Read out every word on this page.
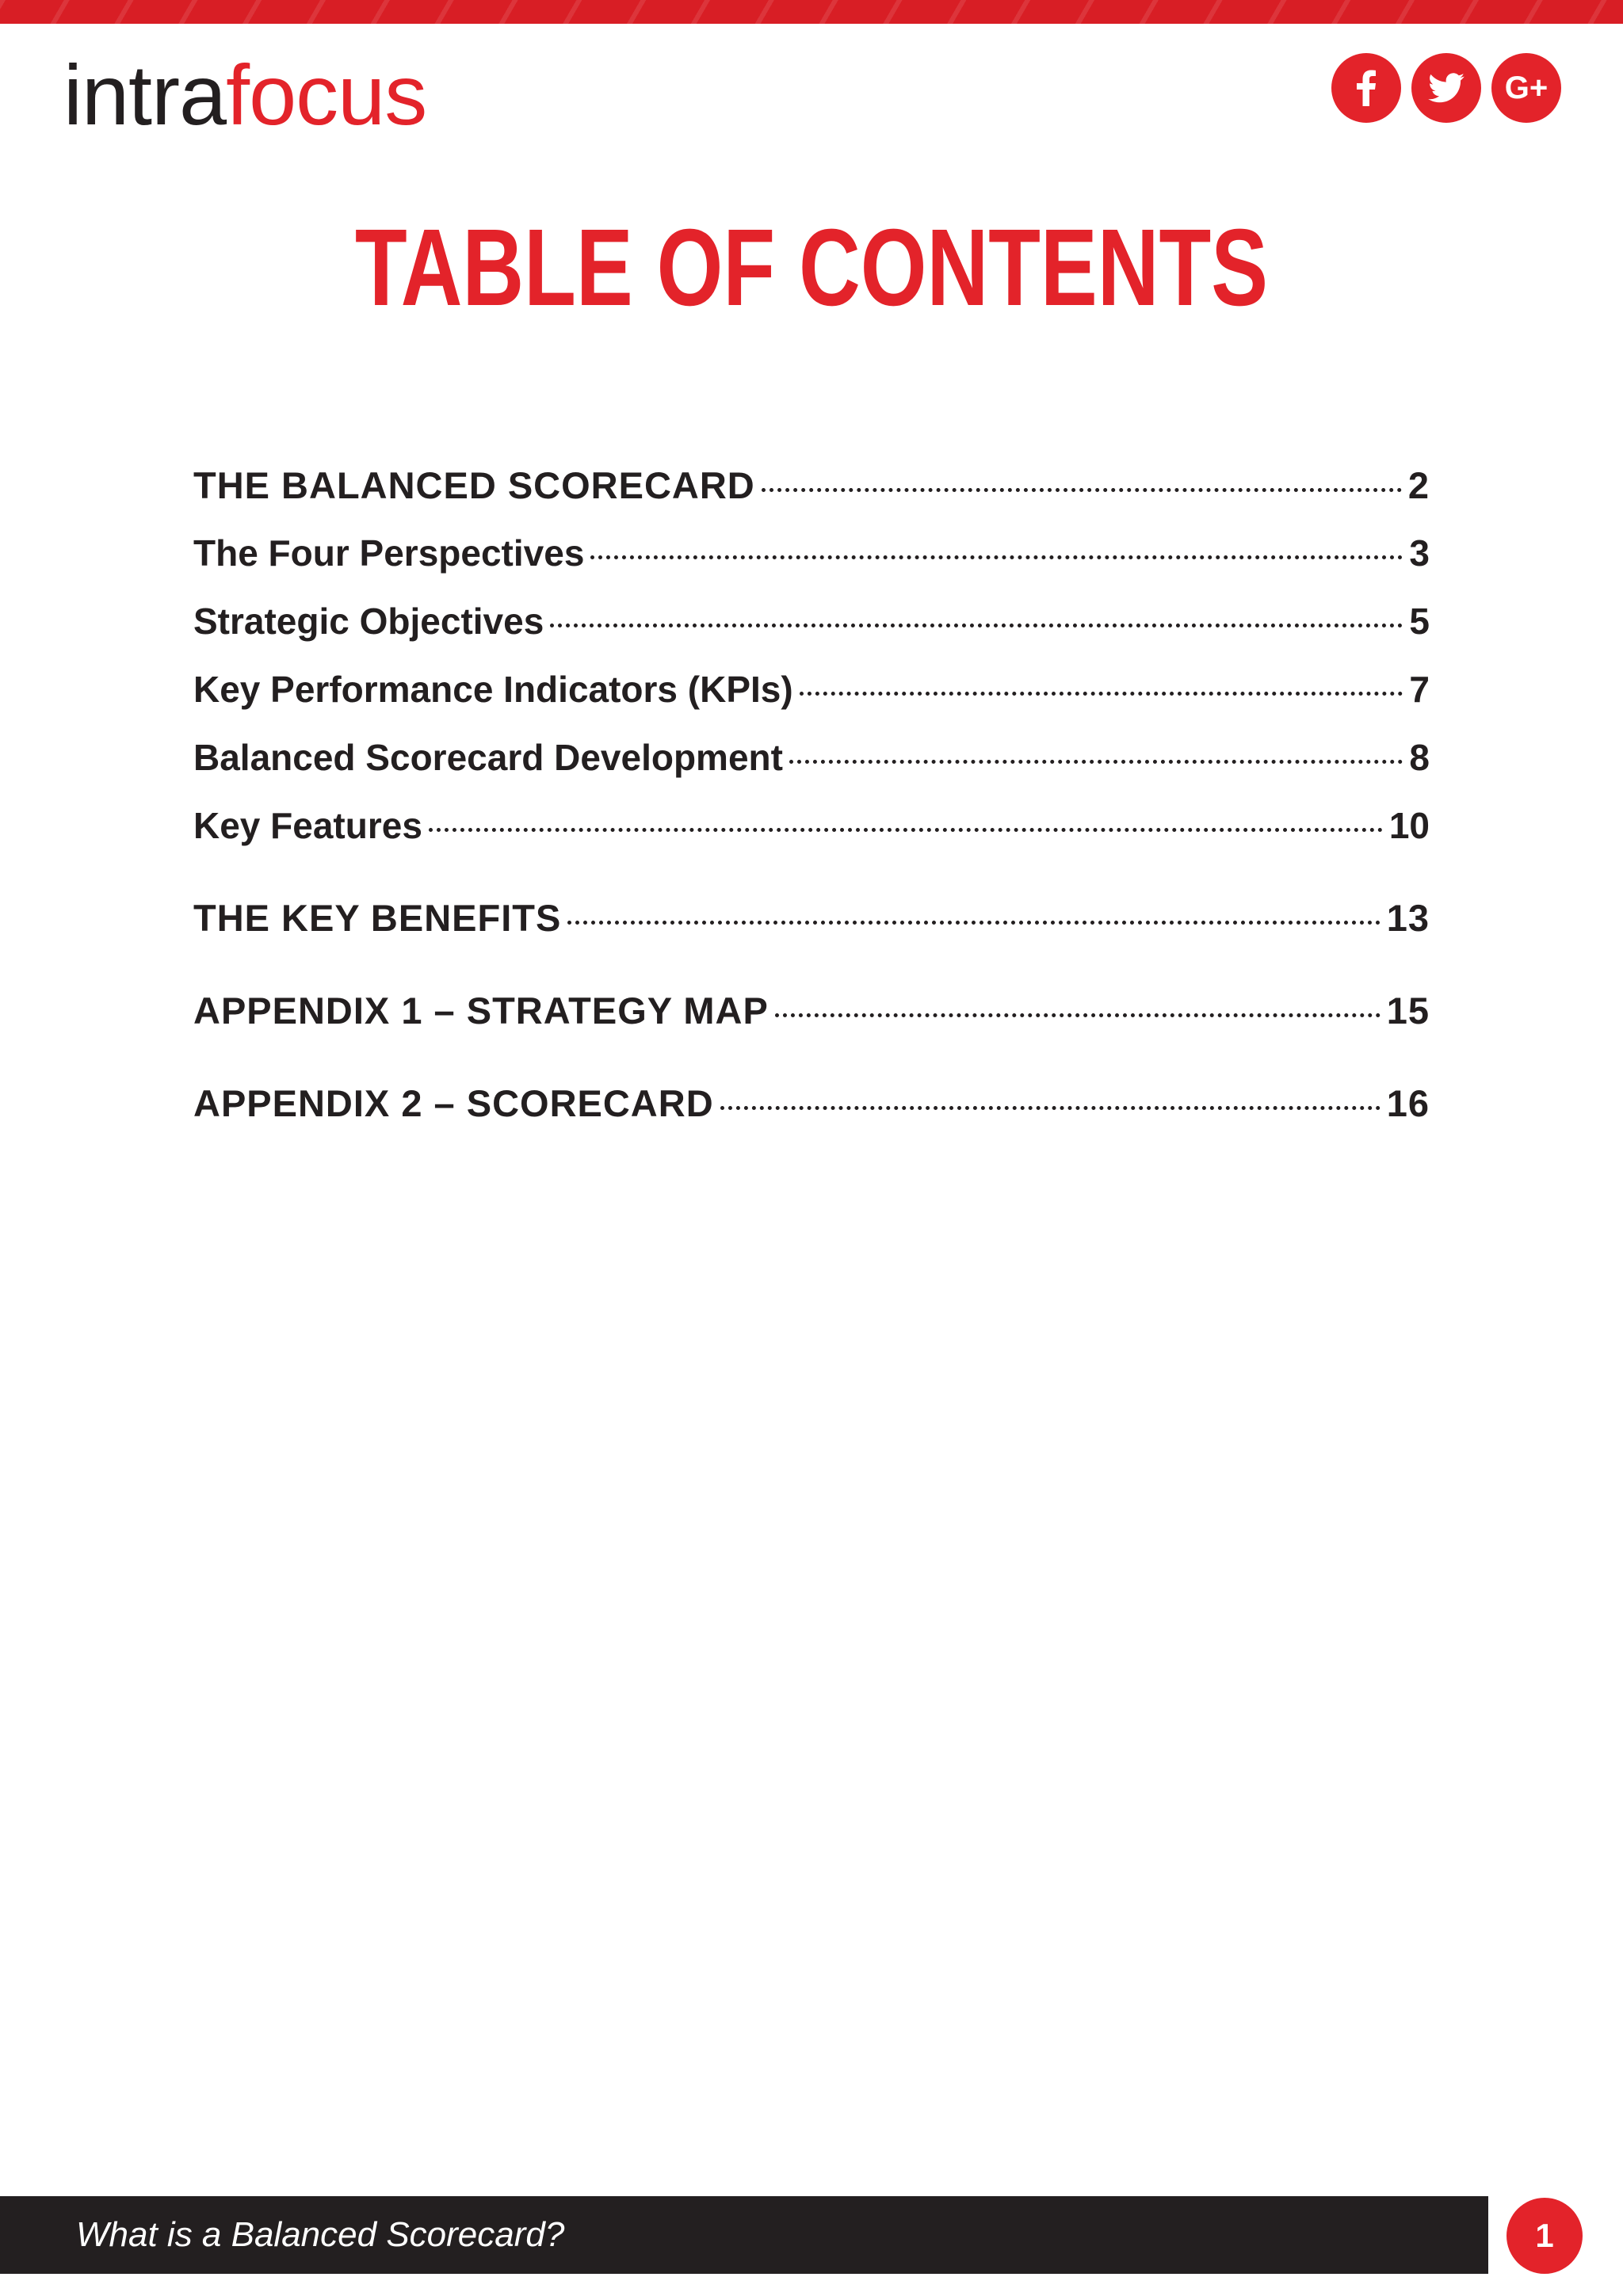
intrafocus	G+
TABLE OF CONTENTS
THE BALANCED SCORECARD	2
The Four Perspectives	3
Strategic Objectives	5
Key Performance Indicators (KPIs)	7
Balanced Scorecard Development	8
Key Features	10
THE KEY BENEFITS	13
APPENDIX 1 – STRATEGY MAP	15
APPENDIX 2 – SCORECARD	16
What is a Balanced Scorecard?	1
